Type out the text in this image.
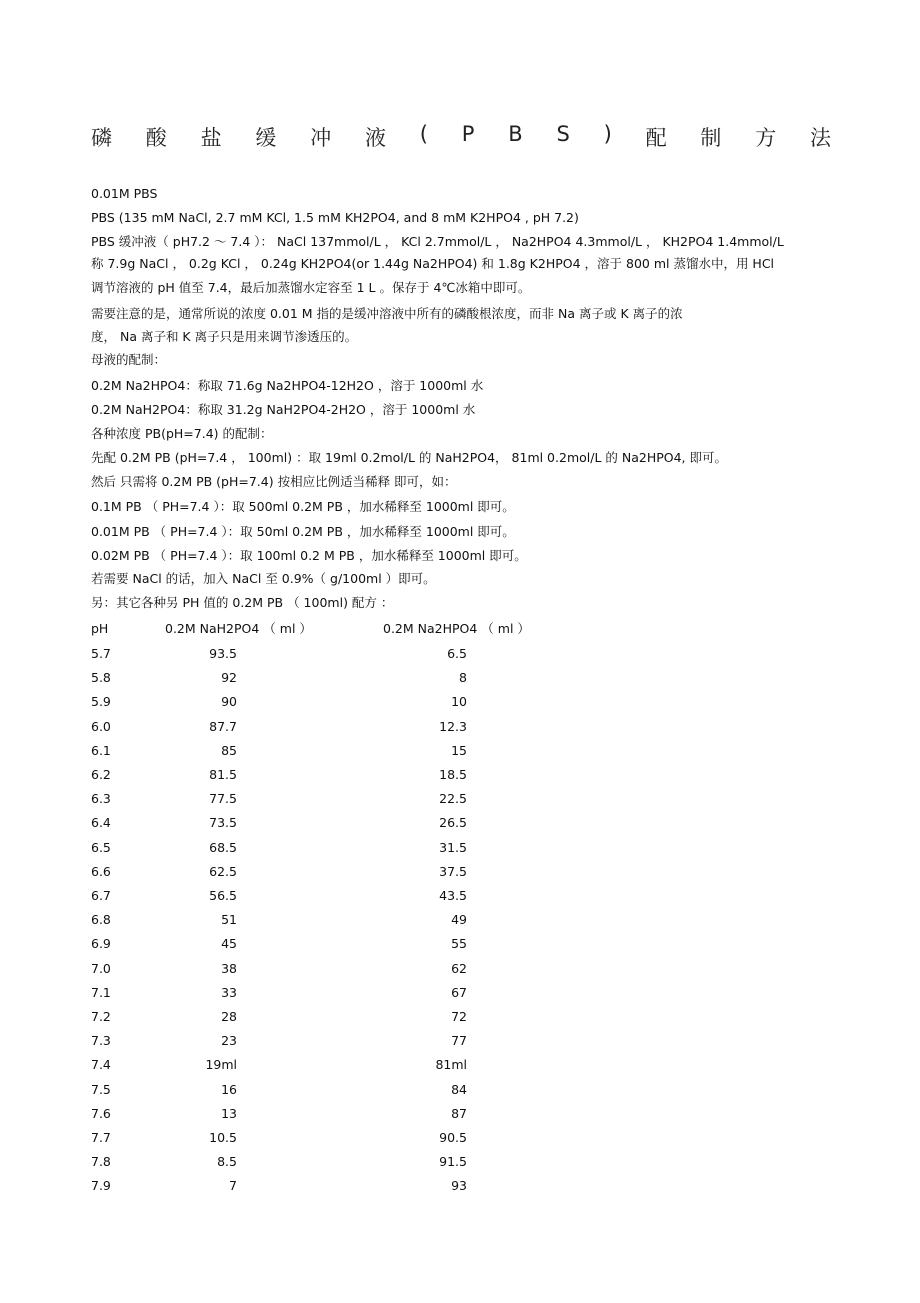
磷 酸 盐 缓 冲 液 ( P B S ) 配 制 方 法
0.01M PBS
PBS (135 mM NaCl, 2.7 mM KCl, 1.5 mM KH2PO4, and 8 mM K2HPO4 , pH 7.2)
PBS 缓冲液（ pH7.2 ～ 7.4 ）： NaCl 137mmol/L ， KCl 2.7mmol/L ， Na2HPO4 4.3mmol/L ， KH2PO4 1.4mmol/L
称 7.9g NaCl ， 0.2g KCl ， 0.24g KH2PO4(or 1.44g Na2HPO4) 和 1.8g K2HPO4 ，溶于 800 ml 蒸馏水中，用 HCl
调节溶液的 pH 值至 7.4，最后加蒸馏水定容至 1 L 。保存于 4℃冰箱中即可。
需要注意的是，通常所说的浓度 0.01 M 指的是缓冲溶液中所有的磷酸根浓度，而非 Na 离子或 K 离子的浓
度， Na 离子和 K 离子只是用来调节渗透压的。
母液的配制：
0.2M Na2HPO4：称取 71.6g Na2HPO4-12H2O ，溶于 1000ml 水
0.2M NaH2PO4：称取 31.2g NaH2PO4-2H2O ，溶于 1000ml 水
各种浓度 PB(pH=7.4) 的配制：
先配 0.2M PB (pH=7.4 ， 100ml) ：取 19ml 0.2mol/L 的 NaH2PO4， 81ml 0.2mol/L 的 Na2HPO4, 即可。
然后 只需将 0.2M PB (pH=7.4) 按相应比例适当稀释 即可，如：
0.1M PB （ PH=7.4 ）：取 500ml 0.2M PB ，加水稀释至 1000ml 即可。
0.01M PB （ PH=7.4 ）：取 50ml 0.2M PB ，加水稀释至 1000ml 即可。
0.02M PB （ PH=7.4 ）：取 100ml 0.2 M PB ，加水稀释至 1000ml 即可。
若需要 NaCl 的话，加入 NaCl 至 0.9%（ g/100ml ）即可。
另：其它各种另 PH 值的 0.2M PB （ 100ml) 配方 ：
pH	0.2M NaH2PO4 （ ml ）	0.2M Na2HPO4 （ ml ）
5.7	93.5	6.5
5.8	92	8
5.9	90	10
6.0	87.7	12.3
6.1	85	15
6.2	81.5	18.5
6.3	77.5	22.5
6.4	73.5	26.5
6.5	68.5	31.5
6.6	62.5	37.5
6.7	56.5	43.5
6.8	51	49
6.9	45	55
7.0	38	62
7.1	33	67
7.2	28	72
7.3	23	77
7.4	19ml	81ml
7.5	16	84
7.6	13	87
7.7	10.5	90.5
7.8	8.5	91.5
7.9	7	93
